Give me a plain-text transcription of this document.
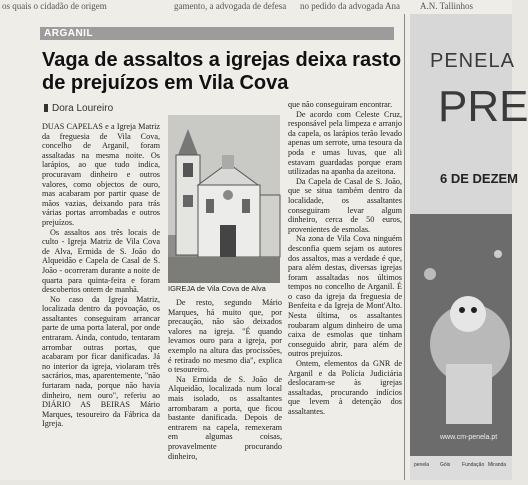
os quais o cidadão de origem	gamento, a advogada de defesa no pedido da advogada Ana A.N. Tallinhos
ARGANIL
Vaga de assaltos a igrejas deixa rasto de prejuízos em Vila Cova
Dora Loureiro

DUAS CAPELAS e a Igreja Matriz da freguesia de Vila Cova, concelho de Arganil, foram assaltadas na mesma noite. Os larápios, ao que tudo indica, procuravam dinheiro e outros valores, como objectos de ouro, mas acabaram por partir quase de mãos vazias, deixando para trás várias portas arrombadas e outros prejuízos.

Os assaltos aos três locais de culto - Igreja Matriz de Vila Cova de Alva, Ermida de S. João do Alqueidão e Capela de Casal de S. João - ocorreram durante a noite de quarta para quinta-feira e foram descobertos ontem de manhã.

No caso da Igreja Matriz, localizada dentro da povoação, os assaltantes conseguiram arrancar parte de uma porta lateral, por onde entraram. Ainda, contudo, tentaram arrombar outras portas, que acabaram por ficar danificadas. Já no interior da igreja, violaram três sacrários, mas, aparentemente, "não furtaram nada, porque não havia dinheiro, nem ouro", referiu ao DIÁRIO AS BEIRAS Mário Marques, tesoureiro da Fábrica da Igreja.

IGREJA de Vila Cova de Alva

De resto, segundo Mário Marques, há muito que, por precaução, não são deixados valores na igreja. "É quando levamos ouro para a igreja, por exemplo na altura das procissões, é retirado no mesmo dia", explica o tesoureiro.

Na Ermida de S. João de Alqueidão, localizada num local mais isolado, os assaltantes arrombaram a porta, que ficou bastante danificada. Depois de entrarem na capela, remexeram em algumas coisas, provavelmente procurando dinheiro,

que não conseguiram encontrar.

De acordo com Celeste Cruz, responsável pela limpeza e arranjo da capela, os larápios terão levado apenas um serrote, uma tesoura da poda e umas luvas, que ali estavam guardadas porque eram utilizadas na apanha da azeitona.

Da Capela de Casal de S. João, que se situa também dentro da localidade, os assaltantes conseguiram levar algum dinheiro, cerca de 50 euros, provenientes de esmolas.

Na zona de Vila Cova ninguém desconfia quem sejam os autores dos assaltos, mas a verdade é que, para além destas, diversas igrejas foram assaltadas nos últimos tempos no concelho de Arganil. É o caso da igreja da freguesia de Benfeita e da Igreja de Mont'Alto. Nesta última, os assaltantes roubaram algum dinheiro de uma caixa de esmolas que tinham conseguido abrir, para além de outros prejuízos.

Ontem, elementos da GNR de Arganil e da Polícia Judiciária deslocaram-se às igrejas assaltadas, procurando indícios que levem à detenção dos assaltantes.

PENELA
PRE
6 DE DEZEM
www.cm-penela.pt
penela Góis Fundação Miranda
